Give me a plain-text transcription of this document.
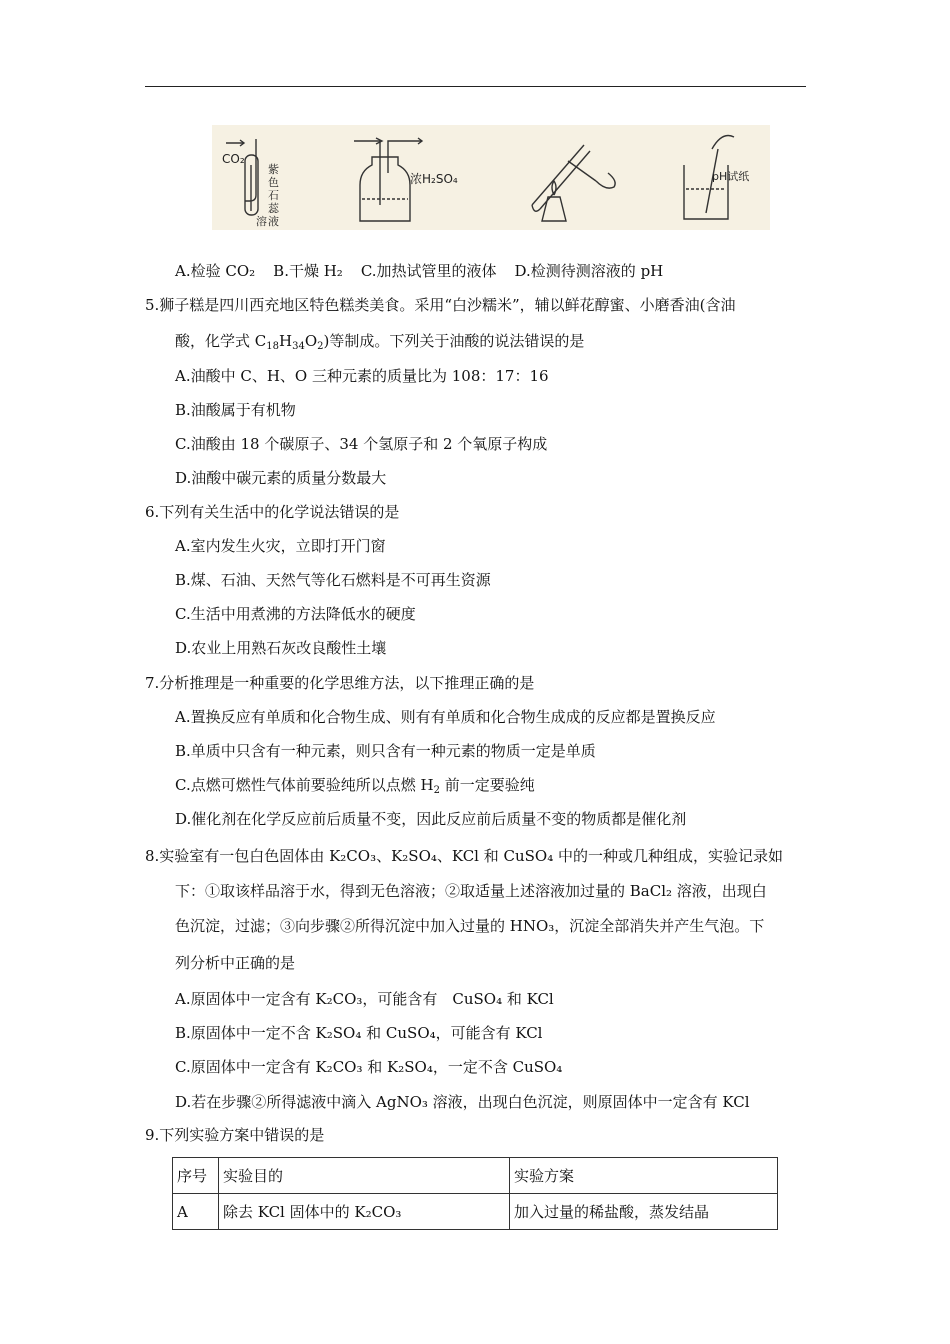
CO₂
紫
色
石
蕊
溶 液
浓H₂SO₄	pH试纸
A.检验 CO₂ B.干燥 H₂ C.加热试管里的液体 D.检测待测溶液的 pH
5.狮子糕是四川西充地区特色糕类美食。采用“白沙糯米”，辅以鲜花醇蜜、小磨香油(含油
酸，化学式 $C_{18}H_{34}O_2$)等制成。下列关于油酸的说法错误的是
A.油酸中 C、H、O 三种元素的质量比为 108：17：16
B.油酸属于有机物
C.油酸由 18 个碳原子、34 个氢原子和 2 个氧原子构成
D.油酸中碳元素的质量分数最大
6.下列有关生活中的化学说法错误的是
A.室内发生火灾，立即打开门窗
B.煤、石油、天然气等化石燃料是不可再生资源
C.生活中用煮沸的方法降低水的硬度
D.农业上用熟石灰改良酸性土壤
7.分析推理是一种重要的化学思维方法，以下推理正确的是
A.置换反应有单质和化合物生成、则有有单质和化合物生成成的反应都是置换反应
B.单质中只含有一种元素，则只含有一种元素的物质一定是单质
C.点燃可燃性气体前要验纯所以点燃 $H_2$ 前一定要验纯
D.催化剂在化学反应前后质量不变，因此反应前后质量不变的物质都是催化剂
8.实验室有一包白色固体由 K₂CO₃、K₂SO₄、KCl 和 CuSO₄ 中的一种或几种组成，实验记录如
下：①取该样品溶于水，得到无色溶液；②取适量上述溶液加过量的 BaCl₂ 溶液，出现白
色沉淀，过滤；③向步骤②所得沉淀中加入过量的 HNO₃，沉淀全部消失并产生气泡。下
列分析中正确的是
A.原固体中一定含有 K₂CO₃，可能含有　CuSO₄ 和 KCl
B.原固体中一定不含 K₂SO₄ 和 CuSO₄，可能含有 KCl
C.原固体中一定含有 K₂CO₃ 和 K₂SO₄，一定不含 CuSO₄
D.若在步骤②所得滤液中滴入 AgNO₃ 溶液，出现白色沉淀，则原固体中一定含有 KCl
9.下列实验方案中错误的是
序号	实验目的	实验方案
A	除去 KCl 固体中的 K₂CO₃	加入过量的稀盐酸，蒸发结晶
